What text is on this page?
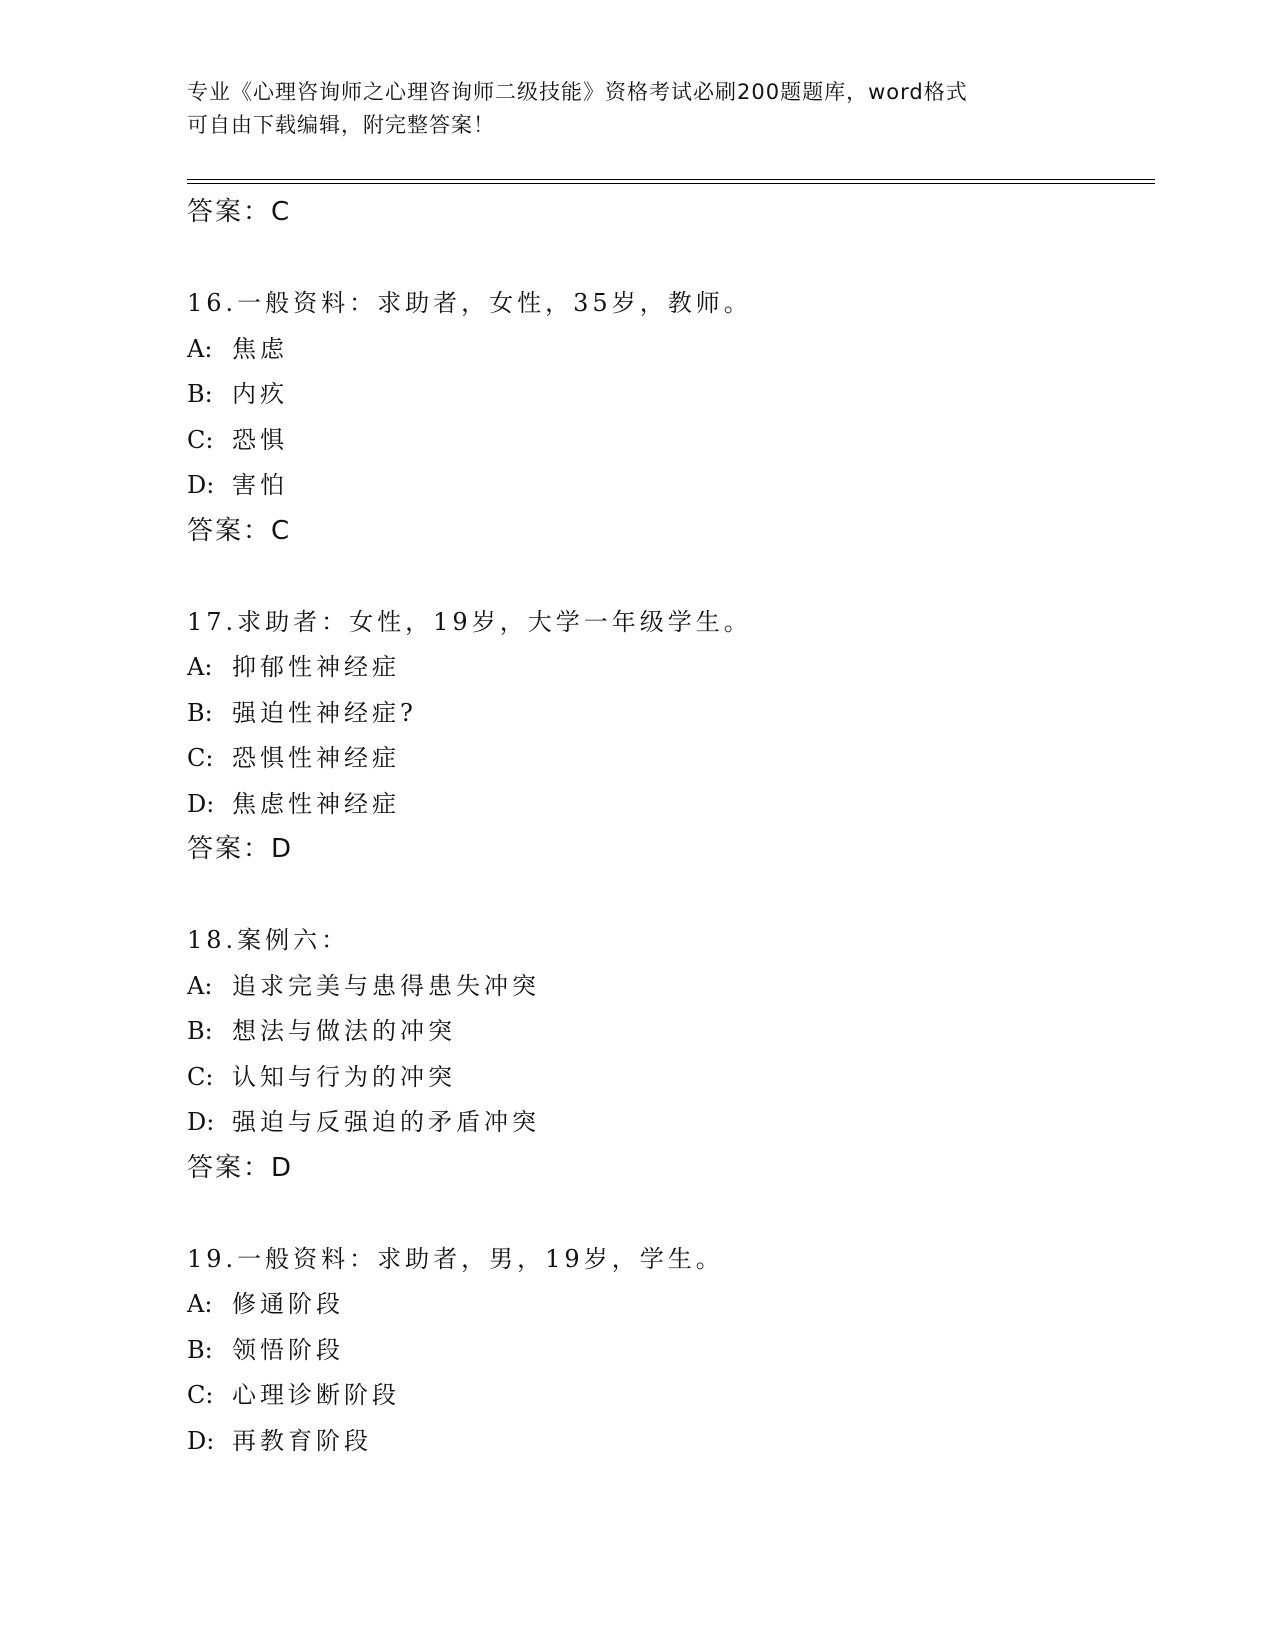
专业《心理咨询师之心理咨询师二级技能》资格考试必刷200题题库，word格式
可自由下载编辑，附完整答案！
答案：C
16.一般资料：求助者，女性，35岁，教师。
A: 焦虑
B: 内疚
C: 恐惧
D: 害怕
答案：C
17.求助者：女性，19岁，大学一年级学生。
A: 抑郁性神经症
B: 强迫性神经症?
C: 恐惧性神经症
D: 焦虑性神经症
答案：D
18.案例六：
A: 追求完美与患得患失冲突
B: 想法与做法的冲突
C: 认知与行为的冲突
D: 强迫与反强迫的矛盾冲突
答案：D
19.一般资料：求助者，男，19岁，学生。
A: 修通阶段
B: 领悟阶段
C: 心理诊断阶段
D: 再教育阶段
